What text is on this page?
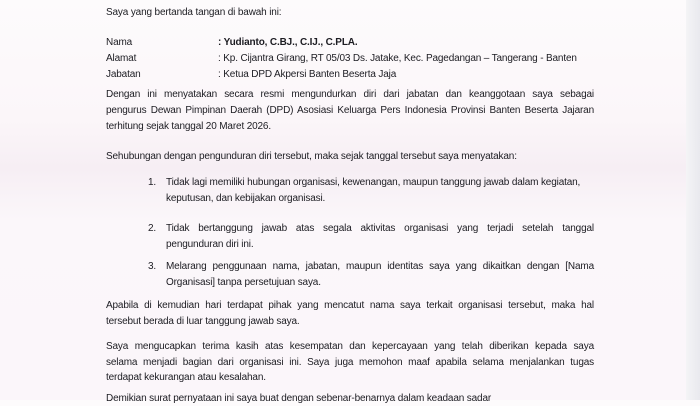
Saya yang bertanda tangan di bawah ini:
Nama	: Yudianto, C.BJ., C.IJ., C.PLA.
Alamat	: Kp. Cijantra Girang, RT 05/03 Ds. Jatake, Kec. Pagedangan – Tangerang - Banten
Jabatan	: Ketua DPD Akpersi Banten Beserta Jaja
Dengan ini menyatakan secara resmi mengundurkan diri dari jabatan dan keanggotaan saya sebagai
pengurus Dewan Pimpinan Daerah (DPD) Asosiasi Keluarga Pers Indonesia Provinsi Banten Beserta Jajaran
terhitung sejak tanggal 20 Maret 2026.
Sehubungan dengan pengunduran diri tersebut, maka sejak tanggal tersebut saya menyatakan:
1. Tidak lagi memiliki hubungan organisasi, kewenangan, maupun tanggung jawab dalam kegiatan,
keputusan, dan kebijakan organisasi.
2. Tidak bertanggung jawab atas segala aktivitas organisasi yang terjadi setelah tanggal
pengunduran diri ini.
3. Melarang penggunaan nama, jabatan, maupun identitas saya yang dikaitkan dengan [Nama
Organisasi] tanpa persetujuan saya.
Apabila di kemudian hari terdapat pihak yang mencatut nama saya terkait organisasi tersebut, maka hal
tersebut berada di luar tanggung jawab saya.
Saya mengucapkan terima kasih atas kesempatan dan kepercayaan yang telah diberikan kepada saya
selama menjadi bagian dari organisasi ini. Saya juga memohon maaf apabila selama menjalankan tugas
terdapat kekurangan atau kesalahan.
Demikian surat pernyataan ini saya buat dengan sebenar-benarnya dalam keadaan sadar
